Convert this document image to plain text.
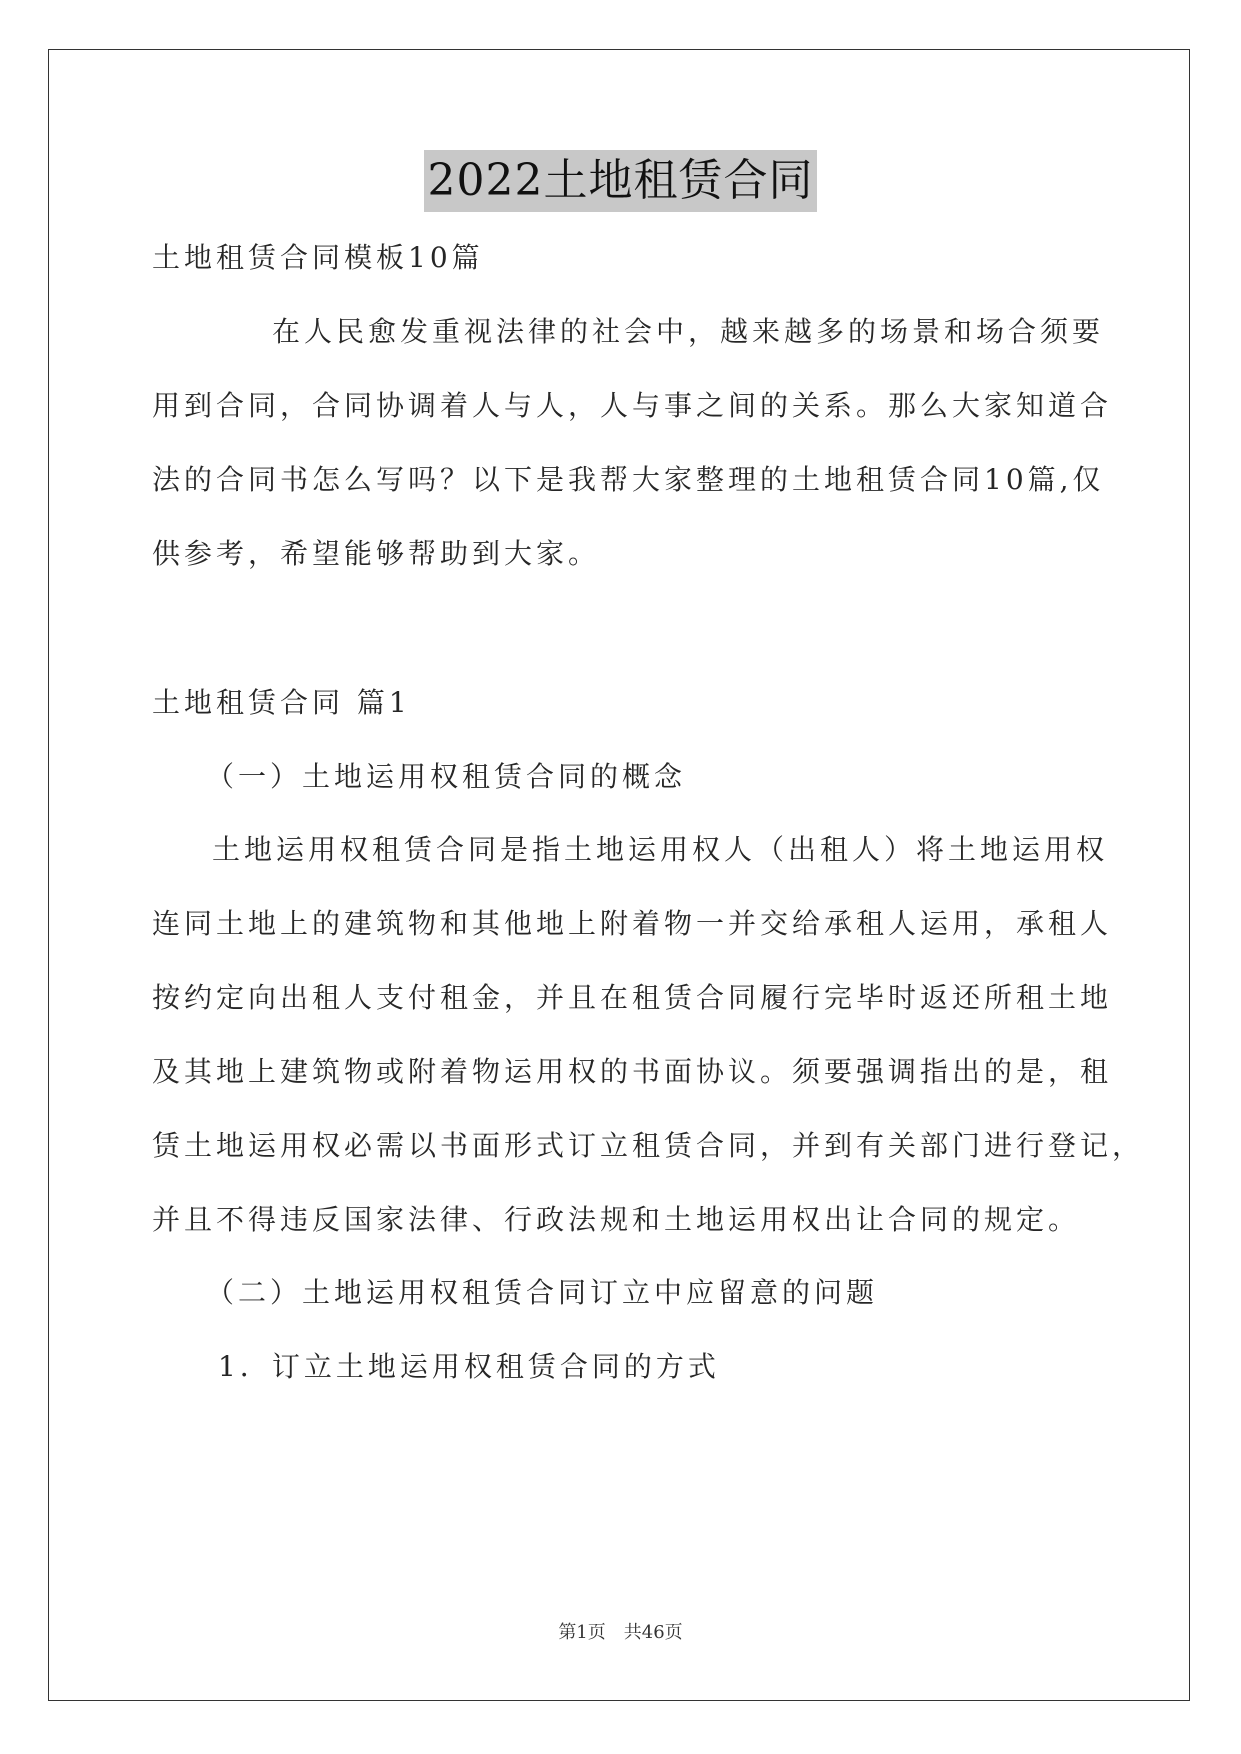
2022土地租赁合同
土地租赁合同模板10篇
在人民愈发重视法律的社会中，越来越多的场景和场合须要
用到合同，合同协调着人与人，人与事之间的关系。那么大家知道合
法的合同书怎么写吗？以下是我帮大家整理的土地租赁合同10篇,仅
供参考，希望能够帮助到大家。
土地租赁合同 篇1
（一）土地运用权租赁合同的概念
土地运用权租赁合同是指土地运用权人（出租人）将土地运用权
连同土地上的建筑物和其他地上附着物一并交给承租人运用，承租人
按约定向出租人支付租金，并且在租赁合同履行完毕时返还所租土地
及其地上建筑物或附着物运用权的书面协议。须要强调指出的是，租
赁土地运用权必需以书面形式订立租赁合同，并到有关部门进行登记，
并且不得违反国家法律、行政法规和土地运用权出让合同的规定。
（二）土地运用权租赁合同订立中应留意的问题
1．订立土地运用权租赁合同的方式
第1页　共46页
